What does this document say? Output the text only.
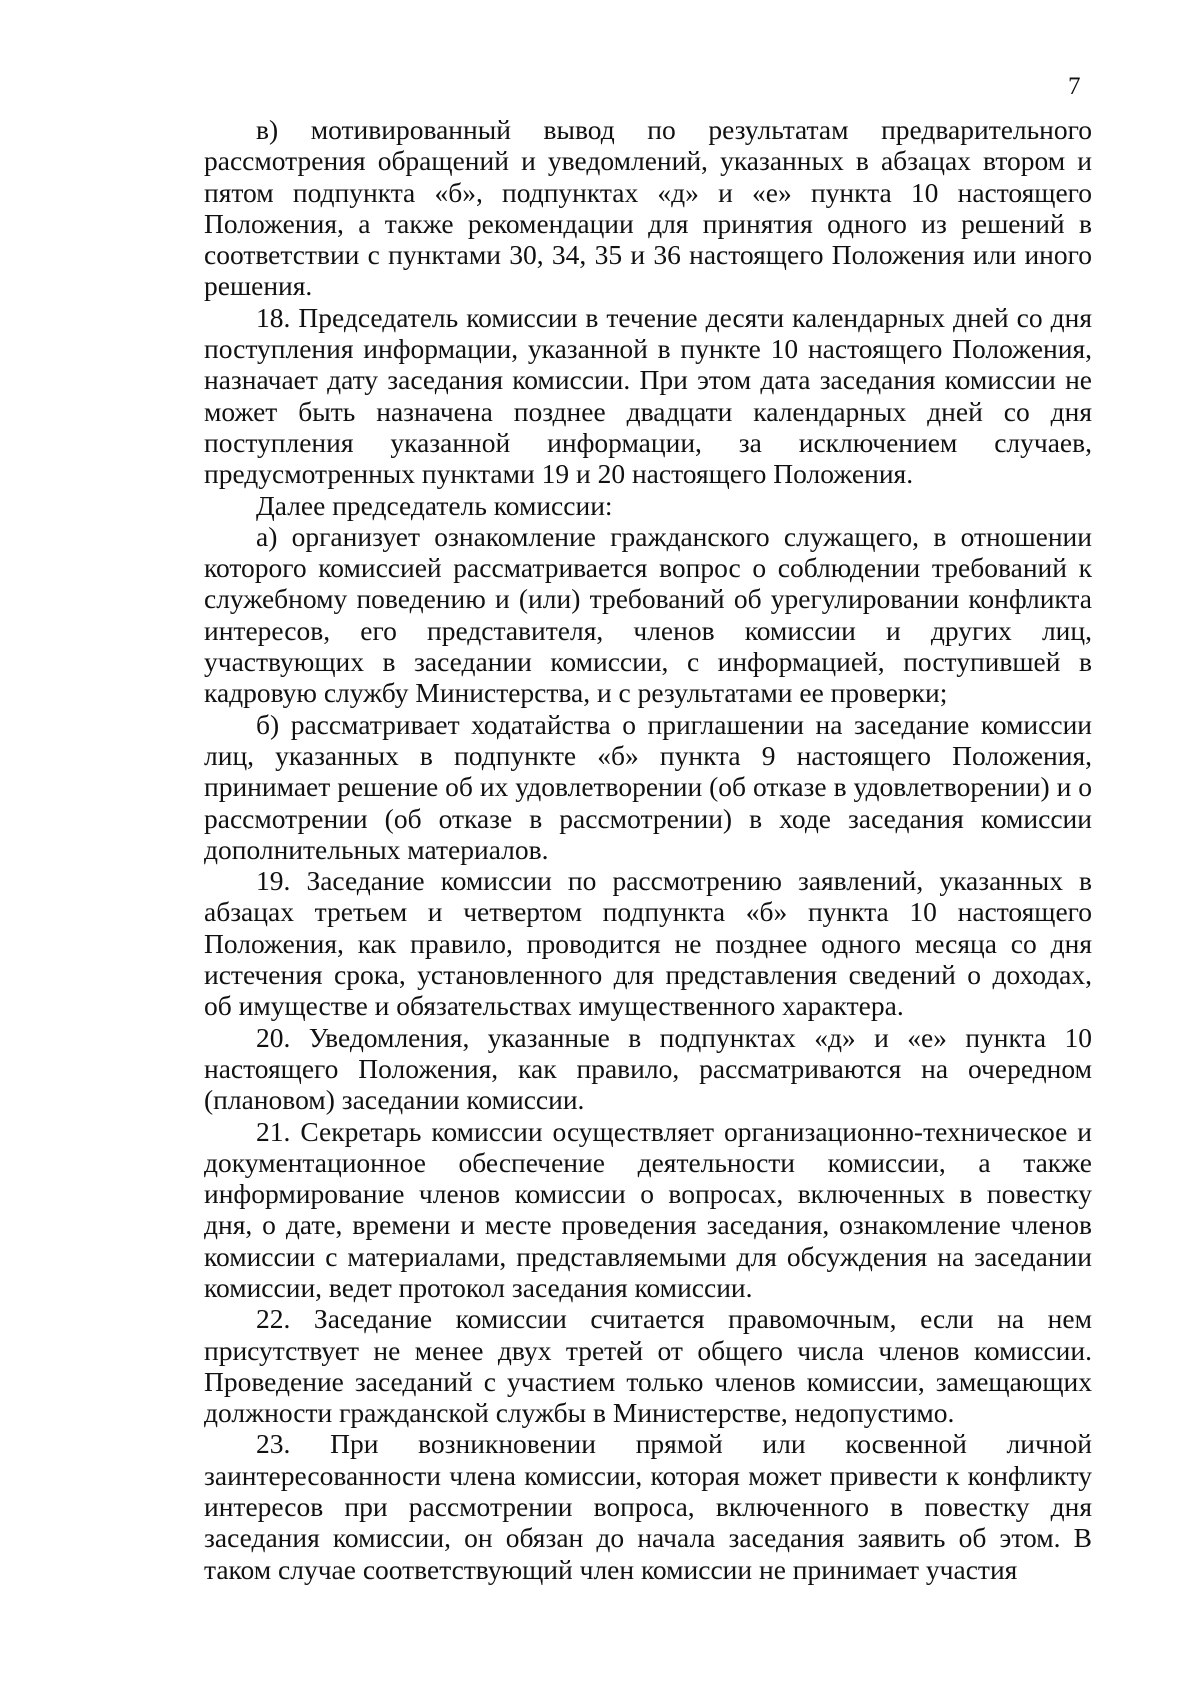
7

в) мотивированный вывод по результатам предварительного рассмотрения обращений и уведомлений, указанных в абзацах втором и пятом подпункта «б», подпунктах «д» и «е» пункта 10 настоящего Положения, а также рекомендации для принятия одного из решений в соответствии с пунктами 30, 34, 35 и 36 настоящего Положения или иного решения.

18. Председатель комиссии в течение десяти календарных дней со дня поступления информации, указанной в пункте 10 настоящего Положения, назначает дату заседания комиссии. При этом дата заседания комиссии не может быть назначена позднее двадцати календарных дней со дня поступления указанной информации, за исключением случаев, предусмотренных пунктами 19 и 20 настоящего Положения.

Далее председатель комиссии:

а) организует ознакомление гражданского служащего, в отношении которого комиссией рассматривается вопрос о соблюдении требований к служебному поведению и (или) требований об урегулировании конфликта интересов, его представителя, членов комиссии и других лиц, участвующих в заседании комиссии, с информацией, поступившей в кадровую службу Министерства, и с результатами ее проверки;

б) рассматривает ходатайства о приглашении на заседание комиссии лиц, указанных в подпункте «б» пункта 9 настоящего Положения, принимает решение об их удовлетворении (об отказе в удовлетворении) и о рассмотрении (об отказе в рассмотрении) в ходе заседания комиссии дополнительных материалов.

19. Заседание комиссии по рассмотрению заявлений, указанных в абзацах третьем и четвертом подпункта «б» пункта 10 настоящего Положения, как правило, проводится не позднее одного месяца со дня истечения срока, установленного для представления сведений о доходах, об имуществе и обязательствах имущественного характера.

20. Уведомления, указанные в подпунктах «д» и «е» пункта 10 настоящего Положения, как правило, рассматриваются на очередном (плановом) заседании комиссии.

21. Секретарь комиссии осуществляет организационно-техническое и документационное обеспечение деятельности комиссии, а также информирование членов комиссии о вопросах, включенных в повестку дня, о дате, времени и месте проведения заседания, ознакомление членов комиссии с материалами, представляемыми для обсуждения на заседании комиссии, ведет протокол заседания комиссии.

22. Заседание комиссии считается правомочным, если на нем присутствует не менее двух третей от общего числа членов комиссии. Проведение заседаний с участием только членов комиссии, замещающих должности гражданской службы в Министерстве, недопустимо.

23. При возникновении прямой или косвенной личной заинтересованности члена комиссии, которая может привести к конфликту интересов при рассмотрении вопроса, включенного в повестку дня заседания комиссии, он обязан до начала заседания заявить об этом. В таком случае соответствующий член комиссии не принимает участия
